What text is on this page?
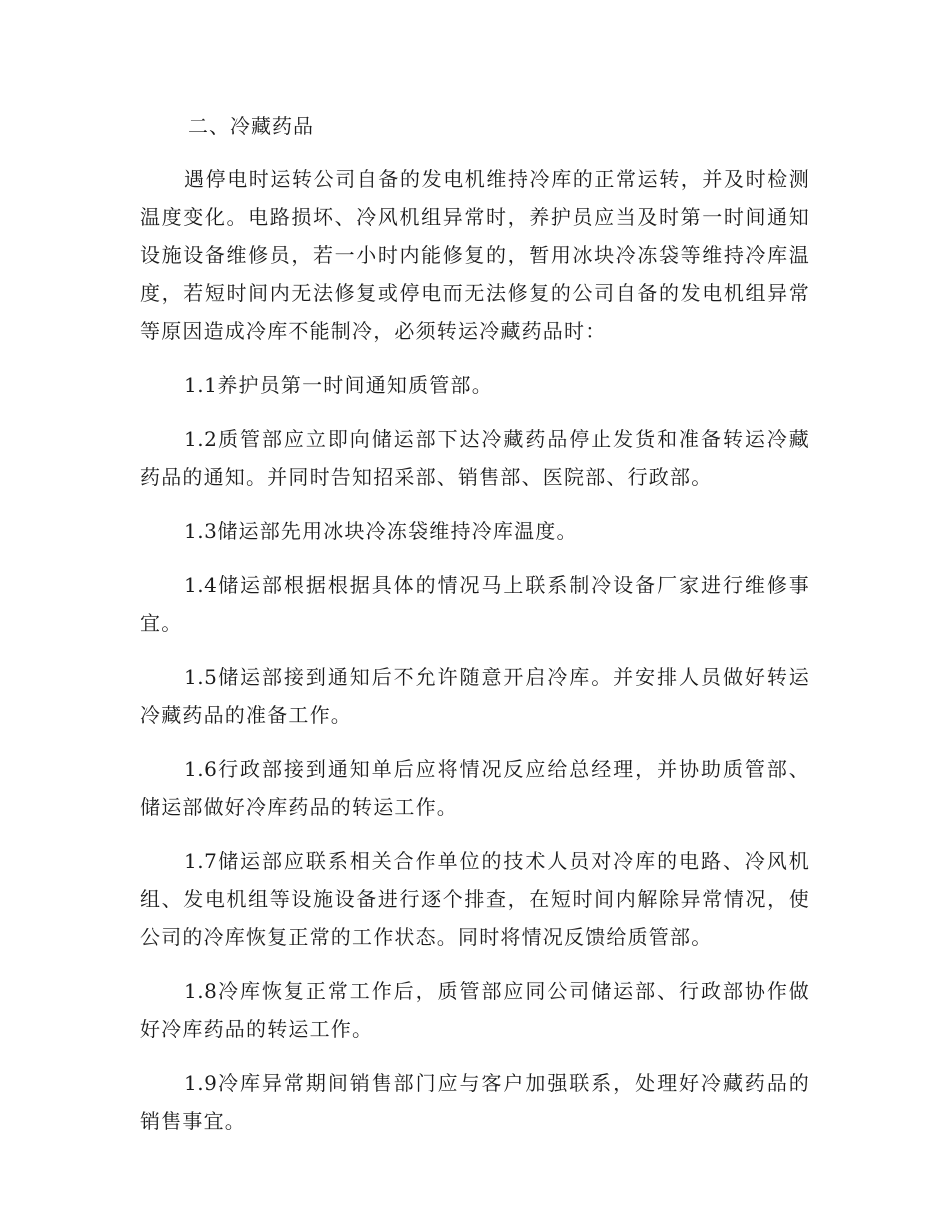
二、冷藏药品

遇停电时运转公司自备的发电机维持冷库的正常运转，并及时检测温度变化。电路损坏、冷风机组异常时，养护员应当及时第一时间通知设施设备维修员，若一小时内能修复的，暂用冰块冷冻袋等维持冷库温度，若短时间内无法修复或停电而无法修复的公司自备的发电机组异常等原因造成冷库不能制冷，必须转运冷藏药品时：

1.1养护员第一时间通知质管部。

1.2质管部应立即向储运部下达冷藏药品停止发货和准备转运冷藏药品的通知。并同时告知招采部、销售部、医院部、行政部。

1.3储运部先用冰块冷冻袋维持冷库温度。

1.4储运部根据根据具体的情况马上联系制冷设备厂家进行维修事宜。

1.5储运部接到通知后不允许随意开启冷库。并安排人员做好转运冷藏药品的准备工作。

1.6行政部接到通知单后应将情况反应给总经理，并协助质管部、储运部做好冷库药品的转运工作。

1.7储运部应联系相关合作单位的技术人员对冷库的电路、冷风机组、发电机组等设施设备进行逐个排查，在短时间内解除异常情况，使公司的冷库恢复正常的工作状态。同时将情况反馈给质管部。

1.8冷库恢复正常工作后，质管部应同公司储运部、行政部协作做好冷库药品的转运工作。

1.9冷库异常期间销售部门应与客户加强联系，处理好冷藏药品的销售事宜。
